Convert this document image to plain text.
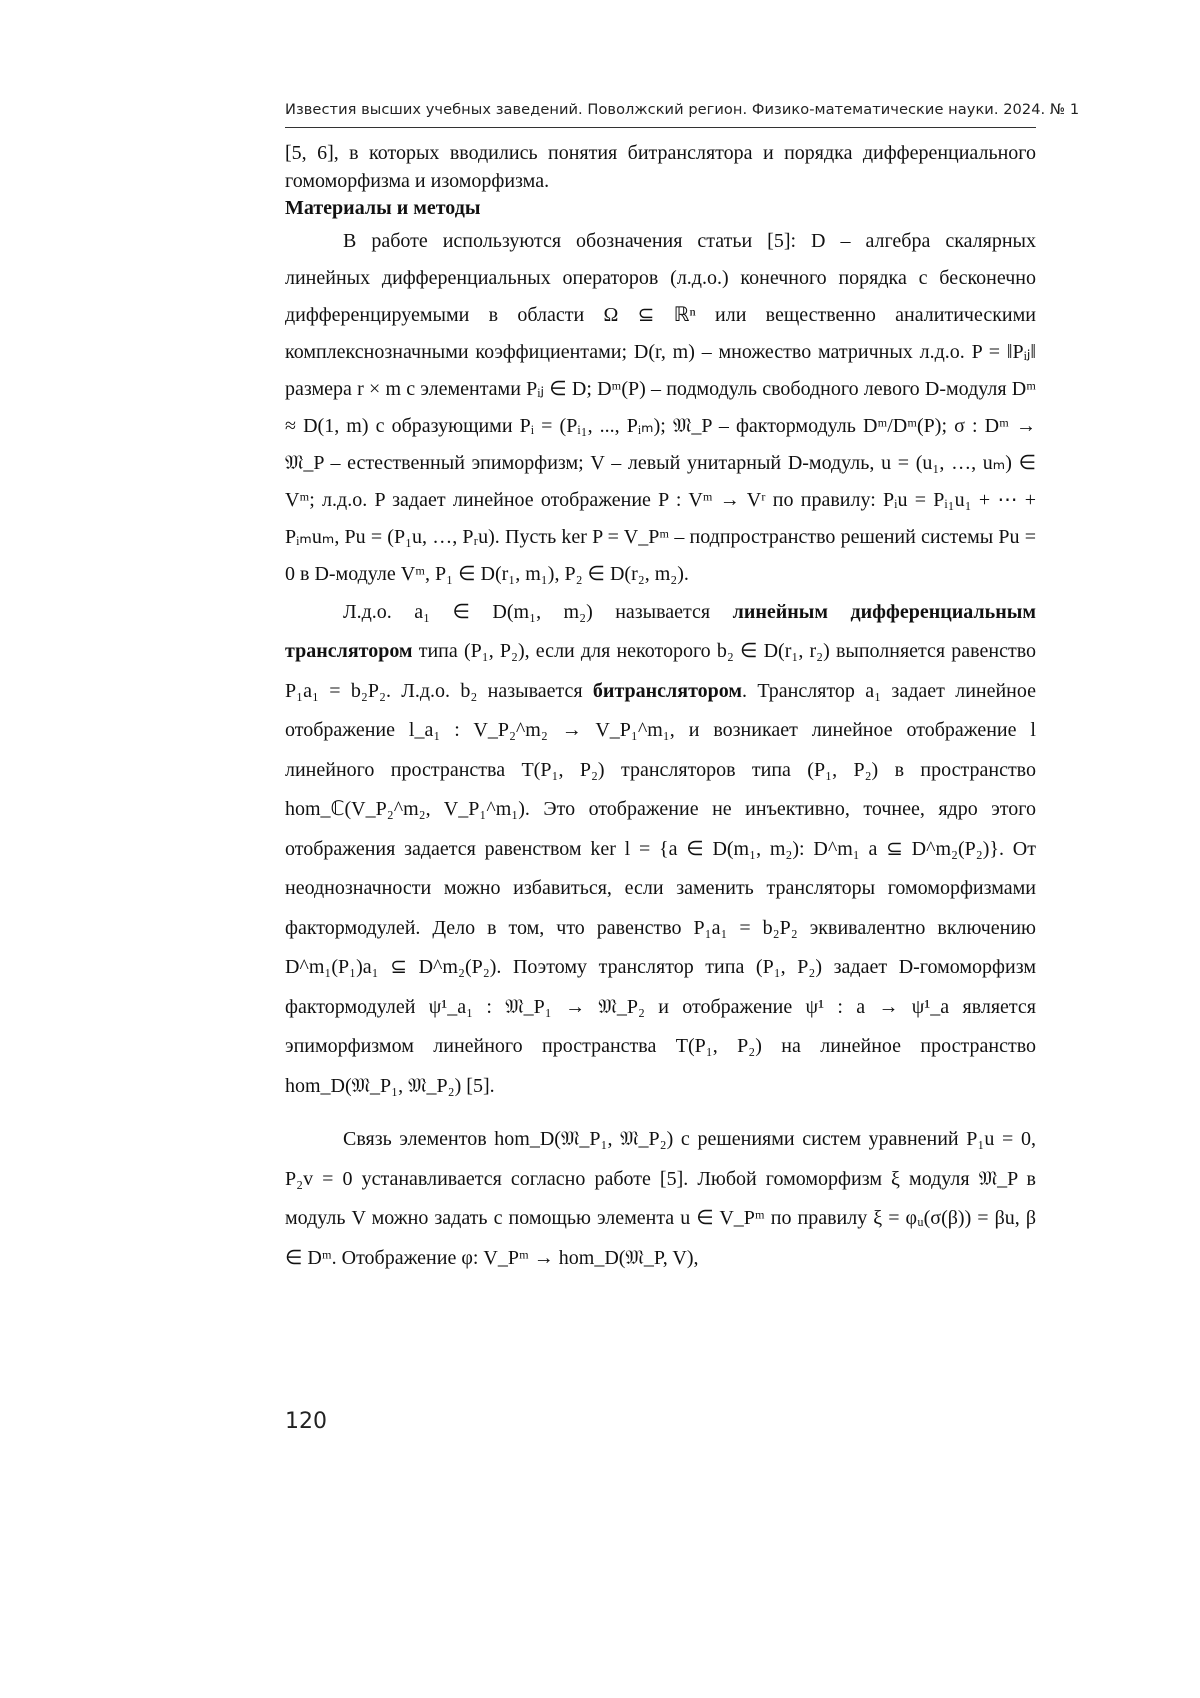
Известия высших учебных заведений. Поволжский регион. Физико-математические науки. 2024. № 1

[5, 6], в которых вводились понятия битранслятора и порядка дифференциального гомоморфизма и изоморфизма.

Материалы и методы

В работе используются обозначения статьи [5]: D – алгебра скалярных линейных дифференциальных операторов (л.д.о.) конечного порядка с бесконечно дифференцируемыми в области Ω ⊆ ℝⁿ или вещественно аналитическими комплекснозначными коэффициентами; D(r, m) – множество матричных л.д.о. P = ‖Pᵢⱼ‖ размера r × m с элементами Pᵢⱼ ∈ D; Dᵐ(P) – подмодуль свободного левого D-модуля Dᵐ ≈ D(1, m) с образующими Pᵢ = (Pᵢ₁, ..., Pᵢₘ); 𝔐_P – фактормодуль Dᵐ/Dᵐ(P); σ : Dᵐ → 𝔐_P – естественный эпиморфизм; V – левый унитарный D-модуль, u = (u₁, …, uₘ) ∈ Vᵐ; л.д.о. P задает линейное отображение P : Vᵐ → Vʳ по правилу: Pᵢu = Pᵢ₁u₁ + ⋯ + Pᵢₘuₘ, Pu = (P₁u, …, Pᵣu). Пусть ker P = V_Pᵐ – подпространство решений системы Pu = 0 в D-модуле Vᵐ, P₁ ∈ D(r₁, m₁), P₂ ∈ D(r₂, m₂).

Л.д.о. a₁ ∈ D(m₁, m₂) называется линейным дифференциальным транслятором типа (P₁, P₂), если для некоторого b₂ ∈ D(r₁, r₂) выполняется равенство P₁a₁ = b₂P₂. Л.д.о. b₂ называется битранслятором. Транслятор a₁ задает линейное отображение l_a₁ : V_P₂^m₂ → V_P₁^m₁, и возникает линейное отображение l линейного пространства T(P₁, P₂) трансляторов типа (P₁, P₂) в пространство hom_ℂ(V_P₂^m₂, V_P₁^m₁). Это отображение не инъективно, точнее, ядро этого отображения задается равенством ker l = {a ∈ D(m₁, m₂): D^m₁ a ⊆ D^m₂(P₂)}. От неоднозначности можно избавиться, если заменить трансляторы гомоморфизмами фактормодулей. Дело в том, что равенство P₁a₁ = b₂P₂ эквивалентно включению D^m₁(P₁)a₁ ⊆ D^m₂(P₂). Поэтому транслятор типа (P₁, P₂) задает D-гомоморфизм фактормодулей ψ¹_a₁ : 𝔐_P₁ → 𝔐_P₂ и отображение ψ¹ : a → ψ¹_a является эпиморфизмом линейного пространства T(P₁, P₂) на линейное пространство hom_D(𝔐_P₁, 𝔐_P₂) [5].

Связь элементов hom_D(𝔐_P₁, 𝔐_P₂) с решениями систем уравнений P₁u = 0, P₂v = 0 устанавливается согласно работе [5]. Любой гомоморфизм ξ модуля 𝔐_P в модуль V можно задать с помощью элемента u ∈ V_Pᵐ по правилу ξ = φᵤ(σ(β)) = βu, β ∈ Dᵐ. Отображение φ: V_Pᵐ → hom_D(𝔐_P, V),

120
